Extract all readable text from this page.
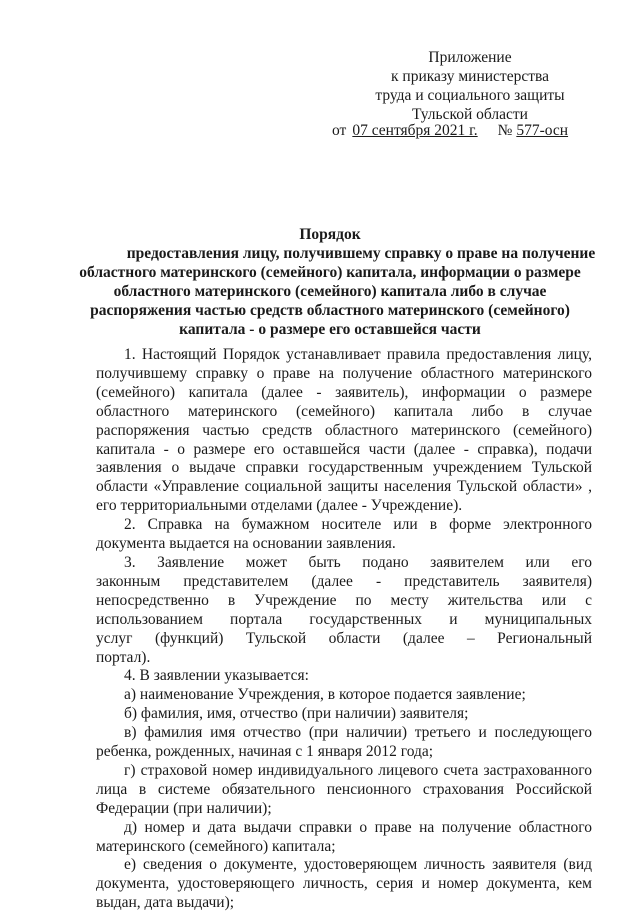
Приложение
к приказу министерства
труда и социального защиты
Тульской области
от 07 сентября 2021 г. № 577-осн
Порядок
предоставления лицу, получившему справку о праве на получение
областного материнского (семейного) капитала, информации о размере
областного материнского (семейного) капитала либо в случае
распоряжения частью средств областного материнского (семейного)
капитала - о размере его оставшейся части

1. Настоящий Порядок устанавливает правила предоставления лицу, получившему справку о праве на получение областного материнского (семейного) капитала (далее - заявитель), информации о размере областного материнского (семейного) капитала либо в случае распоряжения частью средств областного материнского (семейного) капитала - о размере его оставшейся части (далее - справка), подачи заявления о выдаче справки государственным учреждением Тульской области «Управление социальной защиты населения Тульской области» , его территориальными отделами (далее - Учреждение).

2. Справка на бумажном носителе или в форме электронного документа выдается на основании заявления.

3. Заявление может быть подано заявителем или его законным представителем (далее - представитель заявителя) непосредственно в Учреждение по месту жительства или с использованием портала государственных и муниципальных услуг (функций) Тульской области (далее – Региональный портал).

4. В заявлении указывается:

а) наименование Учреждения, в которое подается заявление;

б) фамилия, имя, отчество (при наличии) заявителя;

в) фамилия имя отчество (при наличии) третьего и последующего ребенка, рожденных, начиная с 1 января 2012 года;

г) страховой номер индивидуального лицевого счета застрахованного лица в системе обязательного пенсионного страхования Российской Федерации (при наличии);

д) номер и дата выдачи справки о праве на получение областного материнского (семейного) капитала;

е) сведения о документе, удостоверяющем личность заявителя (вид документа, удостоверяющего личность, серия и номер документа, кем выдан, дата выдачи);
